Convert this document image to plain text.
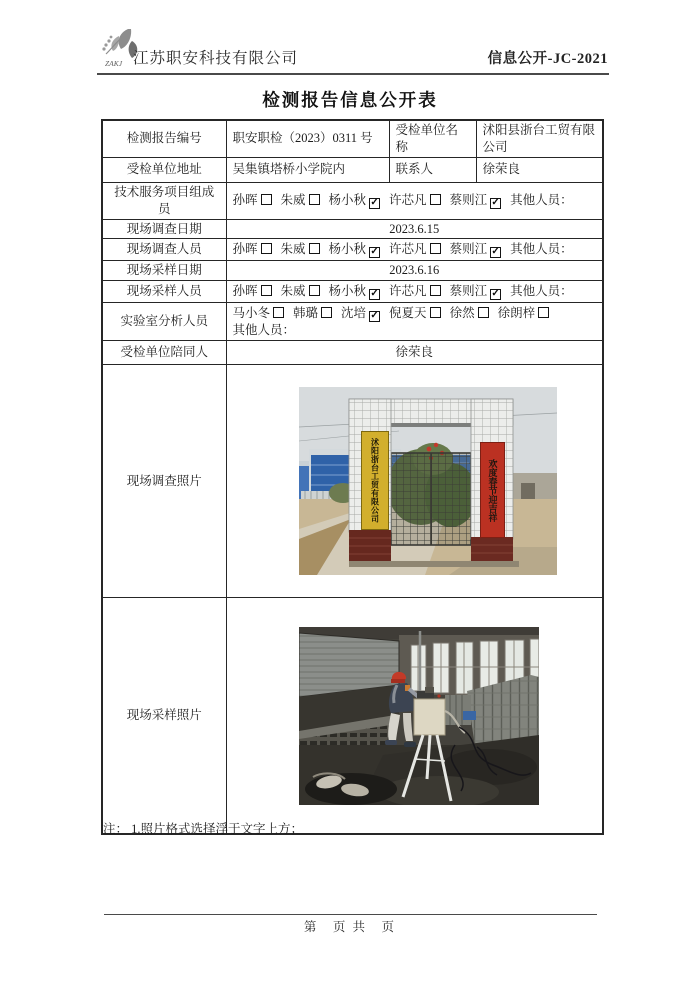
ZAKJ 江苏职安科技有限公司	信息公开-JC-2021
检测报告信息公开表
检测报告编号	职安职检（2023）0311 号	受检单位名称	沭阳县浙台工贸有限公司
受检单位地址	吴集镇塔桥小学院内	联系人	徐荣良
技术服务项目组成员	孙晖 朱威 杨小秋 ✓ 许芯凡 蔡则江 ✓ 其他人员：		
现场调查日期	2023.6.15		
现场调查人员	孙晖 朱威 杨小秋 ✓ 许芯凡 蔡则江 ✓ 其他人员：		
现场采样日期	2023.6.16		
现场采样人员	孙晖 朱威 杨小秋 ✓ 许芯凡 蔡则江 ✓ 其他人员：		
实验室分析人员	马小冬 韩璐 沈培 ✓ 倪夏天 徐然 徐朗梓
其他人员：		
受检单位陪同人	徐荣良		
现场调查照片	沭阳浙台工贸有限公司 欢度春节迎吉祥		

现场采样照片	
注： 1.照片格式选择浮于文字上方；
第　页 共　页
